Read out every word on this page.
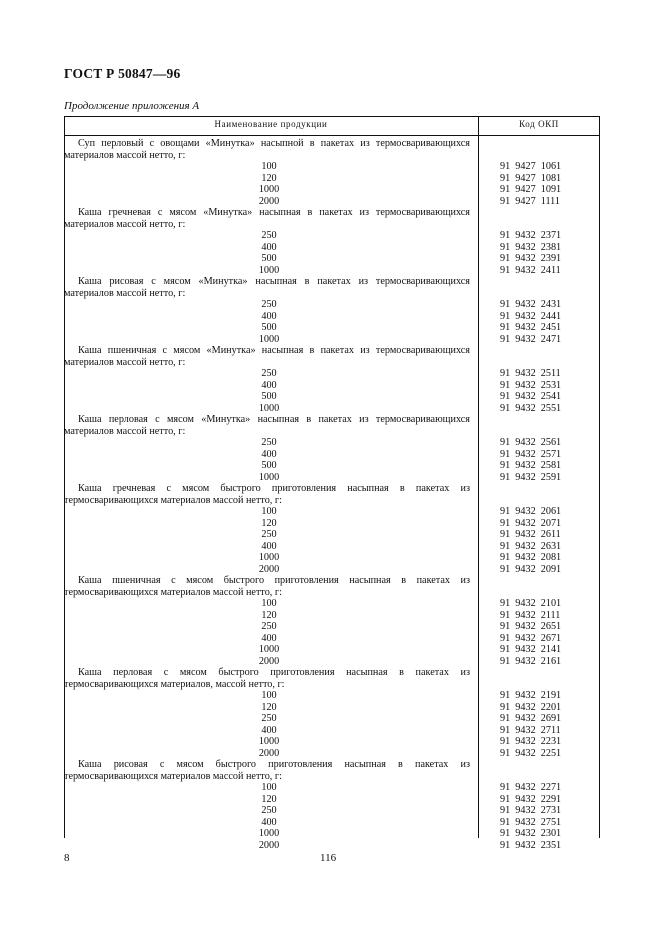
ГОСТ Р 50847—96
Продолжение приложения А
Наименование продукции	Код ОКП
Суп перловый с овощами «Минутка» насыпной в пакетах из термосваривающихся
материалов массой нетто, г:
100	91  9427  1061
120	91  9427  1081
1000	91  9427  1091
2000	91  9427  1111
Каша гречневая с мясом «Минутка» насыпная в пакетах из термосваривающихся
материалов массой нетто, г:
250	91  9432  2371
400	91  9432  2381
500	91  9432  2391
1000	91  9432  2411
Каша рисовая с мясом «Минутка» насыпная в пакетах из термосваривающихся
материалов массой нетто, г:
250	91  9432  2431
400	91  9432  2441
500	91  9432  2451
1000	91  9432  2471
Каша пшеничная с мясом «Минутка» насыпная в пакетах из термосваривающихся
материалов массой нетто, г:
250	91  9432  2511
400	91  9432  2531
500	91  9432  2541
1000	91  9432  2551
Каша перловая с мясом «Минутка» насыпная в пакетах из термосваривающихся
материалов массой нетто, г:
250	91  9432  2561
400	91  9432  2571
500	91  9432  2581
1000	91  9432  2591
Каша гречневая с мясом быстрого приготовления насыпная в пакетах из
термосваривающихся материалов массой нетто, г:
100	91  9432  2061
120	91  9432  2071
250	91  9432  2611
400	91  9432  2631
1000	91  9432  2081
2000	91  9432  2091
Каша пшеничная с мясом быстрого приготовления насыпная в пакетах из
термосваривающихся материалов массой нетто, г:
100	91  9432  2101
120	91  9432  2111
250	91  9432  2651
400	91  9432  2671
1000	91  9432  2141
2000	91  9432  2161
Каша перловая с мясом быстрого приготовления насыпная в пакетах из
термосваривающихся материалов, массой нетто, г:
100	91  9432  2191
120	91  9432  2201
250	91  9432  2691
400	91  9432  2711
1000	91  9432  2231
2000	91  9432  2251
Каша рисовая с мясом быстрого приготовления насыпная в пакетах из
термосваривающихся материалов массой нетто, г:
100	91  9432  2271
120	91  9432  2291
250	91  9432  2731
400	91  9432  2751
1000	91  9432  2301
2000	91  9432  2351
8	116
